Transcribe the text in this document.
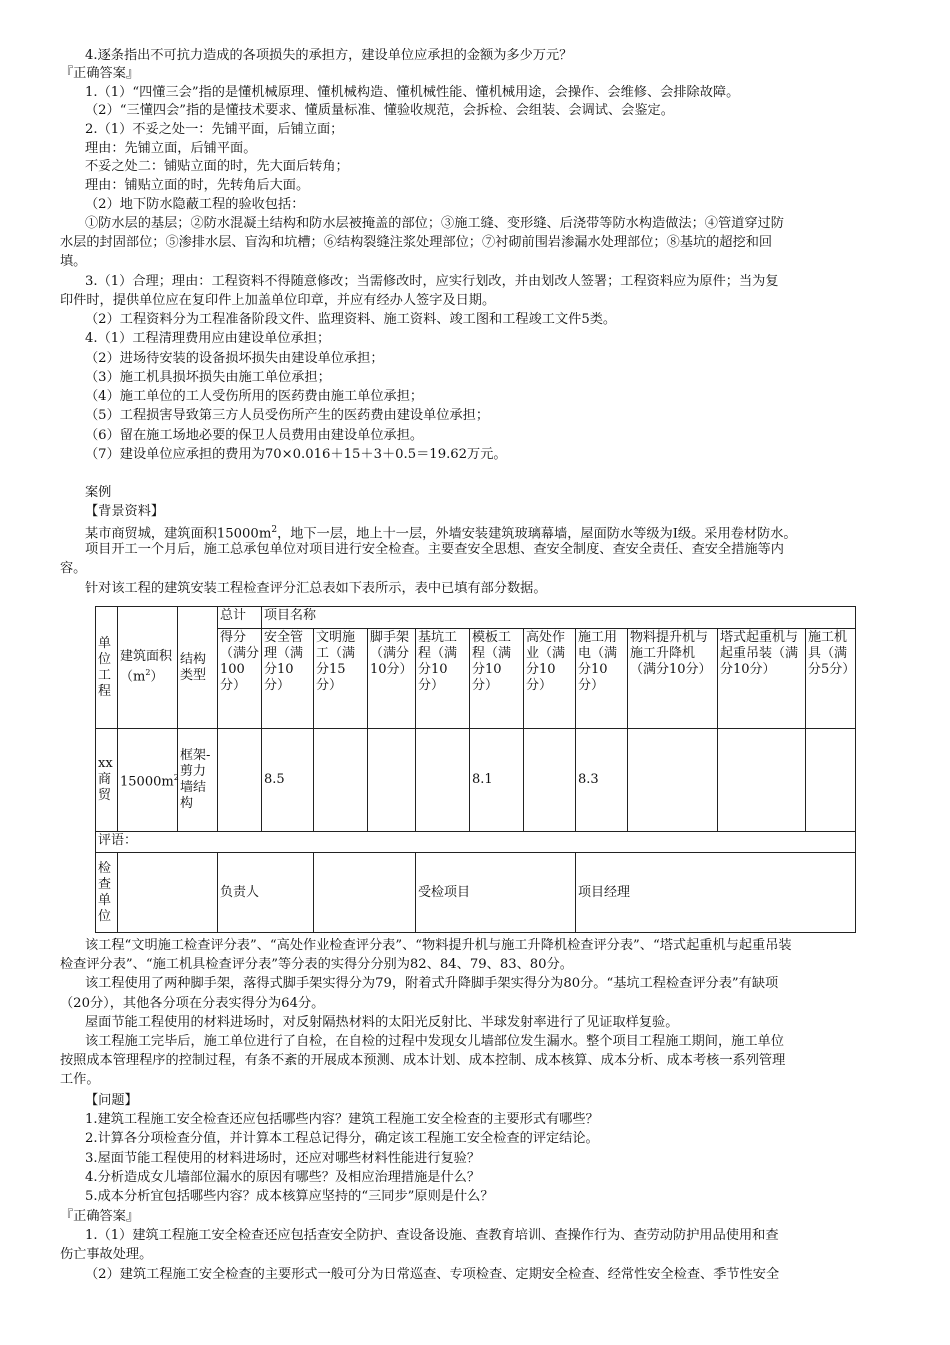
4.逐条指出不可抗力造成的各项损失的承担方，建设单位应承担的金额为多少万元？
『正确答案』
1.（1）“四懂三会”指的是懂机械原理、懂机械构造、懂机械性能、懂机械用途，会操作、会维修、会排除故障。
（2）“三懂四会”指的是懂技术要求、懂质量标准、懂验收规范，会拆检、会组装、会调试、会鉴定。
2.（1）不妥之处一：先铺平面，后铺立面；
理由：先铺立面，后铺平面。
不妥之处二：铺贴立面的时，先大面后转角；
理由：铺贴立面的时，先转角后大面。
（2）地下防水隐蔽工程的验收包括：
①防水层的基层；②防水混凝土结构和防水层被掩盖的部位；③施工缝、变形缝、后浇带等防水构造做法；④管道穿过防
水层的封固部位；⑤渗排水层、盲沟和坑槽；⑥结构裂缝注浆处理部位；⑦衬砌前围岩渗漏水处理部位；⑧基坑的超挖和回
填。
3.（1）合理；理由：工程资料不得随意修改；当需修改时，应实行划改，并由划改人签署；工程资料应为原件；当为复
印件时，提供单位应在复印件上加盖单位印章，并应有经办人签字及日期。
（2）工程资料分为工程准备阶段文件、监理资料、施工资料、竣工图和工程竣工文件5类。
4.（1）工程清理费用应由建设单位承担；
（2）进场待安装的设备损坏损失由建设单位承担；
（3）施工机具损坏损失由施工单位承担；
（4）施工单位的工人受伤所用的医药费由施工单位承担；
（5）工程损害导致第三方人员受伤所产生的医药费由建设单位承担；
（6）留在施工场地必要的保卫人员费用由建设单位承担。
（7）建设单位应承担的费用为70×0.016＋15＋3＋0.5＝19.62万元。
案例
【背景资料】
某市商贸城，建筑面积$15000m^2$，地下一层，地上十一层，外墙安装建筑玻璃幕墙，屋面防水等级为Ⅰ级。采用卷材防水。
项目开工一个月后，施工总承包单位对项目进行安全检查。主要查安全思想、查安全制度、查安全责任、查安全措施等内
容。
针对该工程的建筑安装工程检查评分汇总表如下表所示，表中已填有部分数据。
单位工程	建筑面积$(m^2)$	结构类型	总计	项目名称									
			得分（满分100分）	安全管理（满分10分）	文明施工（满分15分）	脚手架（满分10分）	基坑工程（满分10分）	模板工程（满分10分）	高处作业（满分10分）	施工用电（满分10分）	物料提升机与施工升降机（满分10分）	塔式起重机与起重吊装（满分10分）	施工机具（满分5分）
xx商贸	$15000m^2$	框架-剪力墙结构		8.5				8.1		8.3			
评语：													
检查单位			负责人				受检项目			项目经理			
该工程“文明施工检查评分表”、“高处作业检查评分表”、“物料提升机与施工升降机检查评分表”、“塔式起重机与起重吊装
检查评分表”、“施工机具检查评分表”等分表的实得分分别为82、84、79、83、80分。
该工程使用了两种脚手架，落得式脚手架实得分为79，附着式升降脚手架实得分为80分。“基坑工程检查评分表”有缺项
（20分），其他各分项在分表实得分为64分。
屋面节能工程使用的材料进场时，对反射隔热材料的太阳光反射比、半球发射率进行了见证取样复验。
该工程施工完毕后，施工单位进行了自检，在自检的过程中发现女儿墙部位发生漏水。整个项目工程施工期间，施工单位
按照成本管理程序的控制过程，有条不紊的开展成本预测、成本计划、成本控制、成本核算、成本分析、成本考核一系列管理
工作。
【问题】
1.建筑工程施工安全检查还应包括哪些内容？建筑工程施工安全检查的主要形式有哪些？
2.计算各分项检查分值，并计算本工程总记得分，确定该工程施工安全检查的评定结论。
3.屋面节能工程使用的材料进场时，还应对哪些材料性能进行复验？
4.分析造成女儿墙部位漏水的原因有哪些？及相应治理措施是什么？
5.成本分析宜包括哪些内容？成本核算应坚持的“三同步”原则是什么？
『正确答案』
1.（1）建筑工程施工安全检查还应包括查安全防护、查设备设施、查教育培训、查操作行为、查劳动防护用品使用和查
伤亡事故处理。
（2）建筑工程施工安全检查的主要形式一般可分为日常巡查、专项检查、定期安全检查、经常性安全检查、季节性安全
